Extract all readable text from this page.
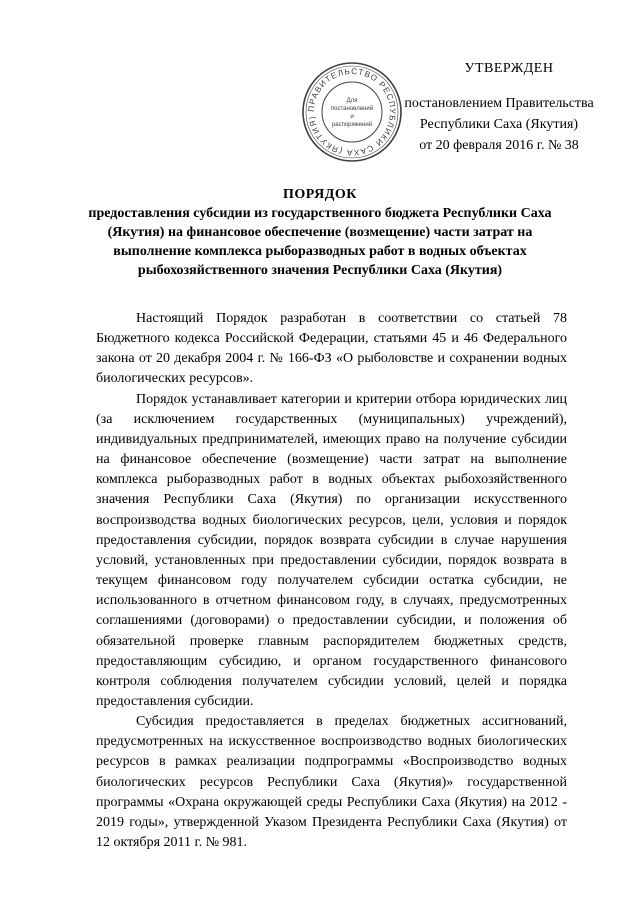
ПРАВИТЕЛЬСТВО РЕСПУБЛИКИ САХА (ЯКУТИЯ)
Для
постановлений
и
распоряжений
УТВЕРЖДЕН
постановлением Правительства
Республики Саха (Якутия)
от 20 февраля 2016 г. № 38
ПОРЯДОК
предоставления субсидии из государственного бюджета Республики Саха (Якутия) на финансовое обеспечение (возмещение) части затрат на выполнение комплекса рыборазводных работ в водных объектах рыбохозяйственного значения Республики Саха (Якутия)

Настоящий Порядок разработан в соответствии со статьей 78 Бюджетного кодекса Российской Федерации, статьями 45 и 46 Федерального закона от 20 декабря 2004 г. № 166-ФЗ «О рыболовстве и сохранении водных биологических ресурсов».

Порядок устанавливает категории и критерии отбора юридических лиц (за исключением государственных (муниципальных) учреждений), индивидуальных предпринимателей, имеющих право на получение субсидии на финансовое обеспечение (возмещение) части затрат на выполнение комплекса рыборазводных работ в водных объектах рыбохозяйственного значения Республики Саха (Якутия) по организации искусственного воспроизводства водных биологических ресурсов, цели, условия и порядок предоставления субсидии, порядок возврата субсидии в случае нарушения условий, установленных при предоставлении субсидии, порядок возврата в текущем финансовом году получателем субсидии остатка субсидии, не использованного в отчетном финансовом году, в случаях, предусмотренных соглашениями (договорами) о предоставлении субсидии, и положения об обязательной проверке главным распорядителем бюджетных средств, предоставляющим субсидию, и органом государственного финансового контроля соблюдения получателем субсидии условий, целей и порядка предоставления субсидии.

Субсидия предоставляется в пределах бюджетных ассигнований, предусмотренных на искусственное воспроизводство водных биологических ресурсов в рамках реализации подпрограммы «Воспроизводство водных биологических ресурсов Республики Саха (Якутия)» государственной программы «Охрана окружающей среды Республики Саха (Якутия) на 2012 - 2019 годы», утвержденной Указом Президента Республики Саха (Якутия) от 12 октября 2011 г. № 981.
